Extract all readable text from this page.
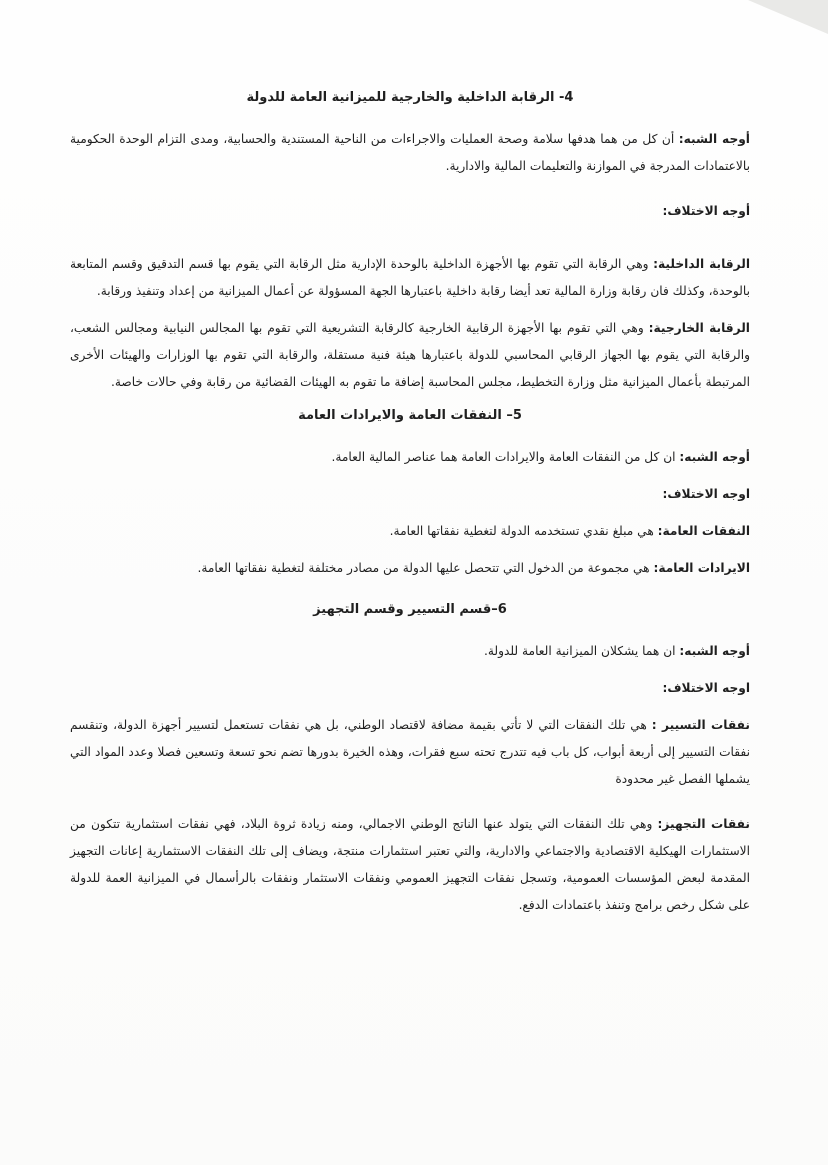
4- الرقابة الداخلية والخارجية للميزانية العامة للدولة

أوجه الشبه: أن كل من هما هدفها سلامة وصحة العمليات والاجراءات من الناحية المستندية والحسابية، ومدى التزام الوحدة الحكومية بالاعتمادات المدرجة في الموازنة والتعليمات المالية والادارية.

أوجه الاختلاف:

الرقابة الداخلية: وهي الرقابة التي تقوم بها الأجهزة الداخلية بالوحدة الإدارية مثل الرقابة التي يقوم بها قسم التدقيق وقسم المتابعة بالوحدة، وكذلك فان رقابة وزارة المالية تعد أيضا رقابة داخلية باعتبارها الجهة المسؤولة عن أعمال الميزانية من إعداد وتنفيذ ورقابة.

الرقابة الخارجية: وهي التي تقوم بها الأجهزة الرقابية الخارجية كالرقابة التشريعية التي تقوم بها المجالس النيابية ومجالس الشعب، والرقابة التي يقوم بها الجهاز الرقابي المحاسبي للدولة باعتبارها هيئة فنية مستقلة، والرقابة التي تقوم بها الوزارات والهيئات الأخرى المرتبطة بأعمال الميزانية مثل وزارة التخطيط، مجلس المحاسبة إضافة ما تقوم به الهيئات القضائية من رقابة وفي حالات خاصة.

5– النفقات العامة والايرادات العامة

أوجه الشبه: ان كل من النفقات العامة والايرادات العامة هما عناصر المالية العامة.

اوجه الاختلاف:

النفقات العامة: هي مبلغ نقدي تستخدمه الدولة لتغطية نفقاتها العامة.

الايرادات العامة: هي مجموعة من الدخول التي تتحصل عليها الدولة من مصادر مختلفة لتغطية نفقاتها العامة.

6–قسم التسيير وقسم التجهيز

أوجه الشبه: ان هما يشكلان الميزانية العامة للدولة.

اوجه الاختلاف:

نفقات التسيير : هي تلك النفقات التي لا تأتي بقيمة مضافة لاقتصاد الوطني، بل هي نفقات تستعمل لتسيير أجهزة الدولة، وتنقسم نفقات التسيير إلى أربعة أبواب، كل باب فيه تتدرج تحته سبع فقرات، وهذه الخيرة بدورها تضم نحو تسعة وتسعين فصلا وعدد المواد التي يشملها الفصل غير محدودة

نفقات التجهيز: وهي تلك النفقات التي يتولد عنها الناتج الوطني الاجمالي، ومنه زيادة ثروة البلاد، فهي نفقات استثمارية تتكون من الاستثمارات الهيكلية الاقتصادية والاجتماعي والادارية، والتي تعتبر استثمارات منتجة، ويضاف إلى تلك النفقات الاستثمارية إعانات التجهيز المقدمة لبعض المؤسسات العمومية، وتسجل نفقات التجهيز العمومي ونفقات الاستثمار ونفقات بالرأسمال في الميزانية العمة للدولة على شكل رخص برامج وتنفذ باعتمادات الدفع.
